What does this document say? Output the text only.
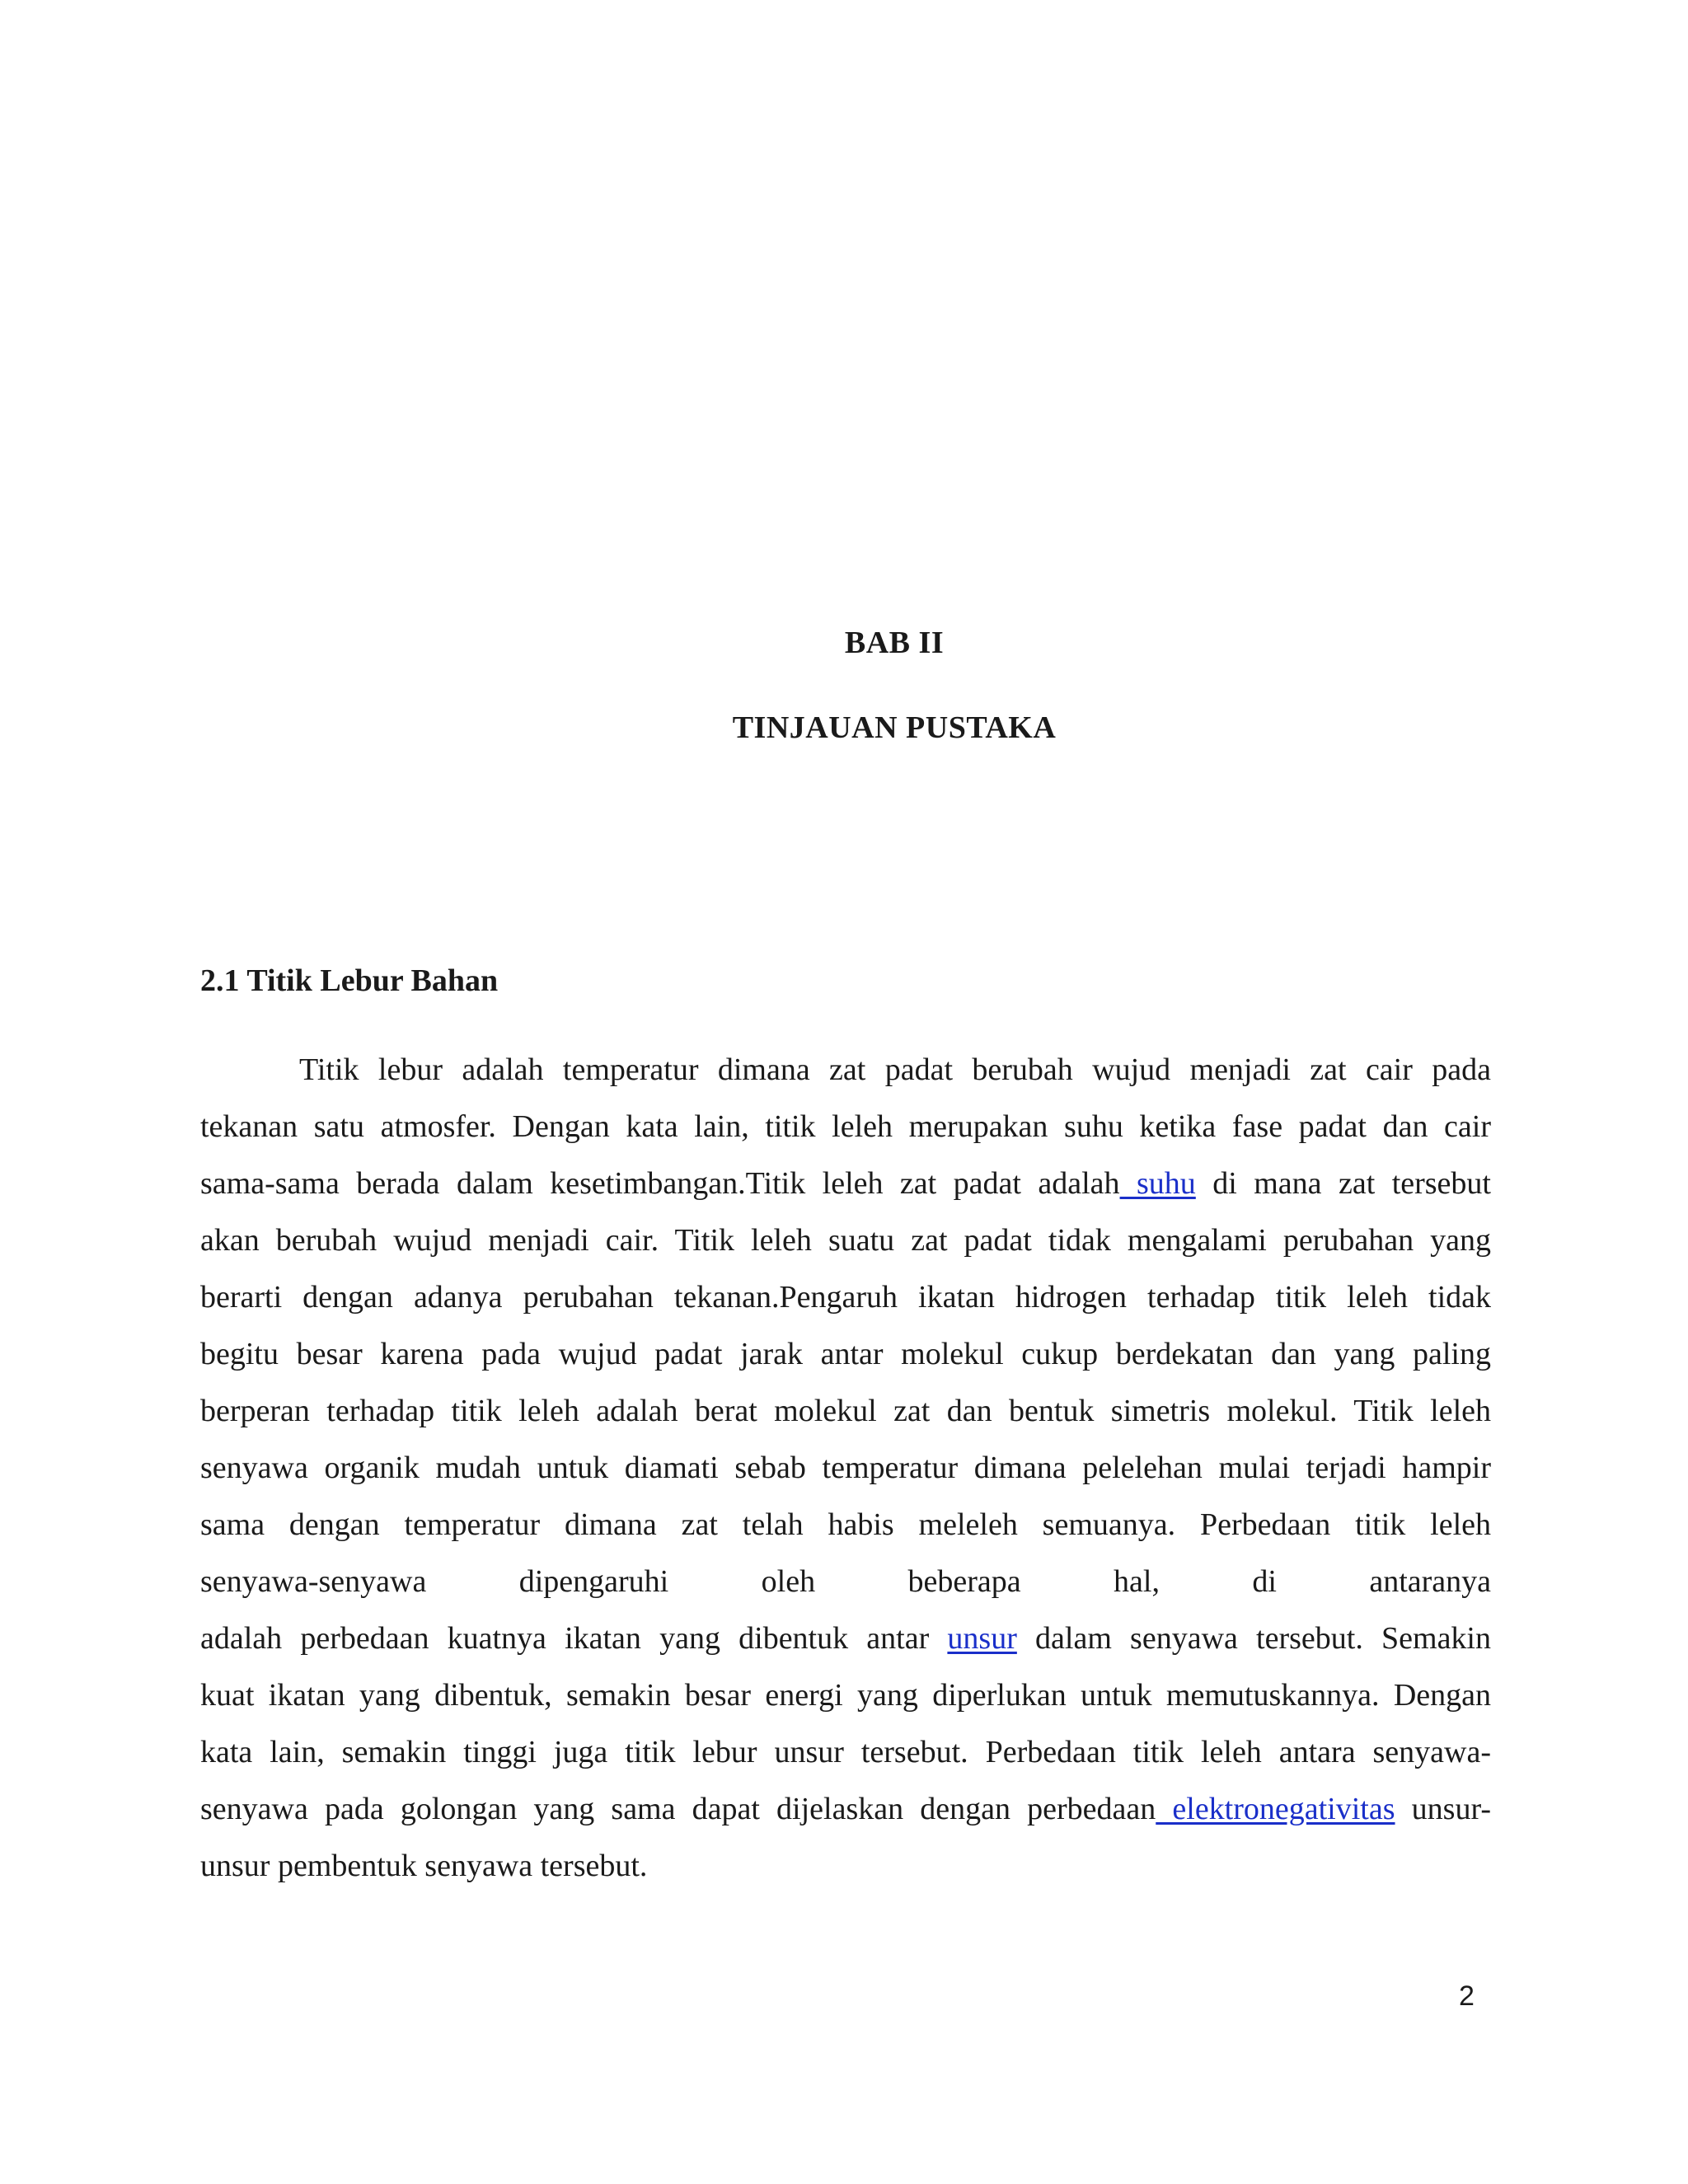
BAB II
TINJAUAN PUSTAKA
2.1 Titik Lebur Bahan
Titik lebur adalah temperatur dimana zat padat berubah wujud menjadi zat cair pada
tekanan satu atmosfer. Dengan kata lain, titik leleh merupakan suhu ketika fase padat dan cair
sama-sama berada dalam kesetimbangan.Titik leleh zat padat adalah suhu di mana zat tersebut
akan berubah wujud menjadi cair. Titik leleh suatu zat padat tidak mengalami perubahan yang
berarti dengan adanya perubahan tekanan.Pengaruh ikatan hidrogen terhadap titik leleh tidak
begitu besar karena pada wujud padat jarak antar molekul cukup berdekatan dan yang paling
berperan terhadap titik leleh adalah berat molekul zat dan bentuk simetris molekul. Titik leleh
senyawa organik mudah untuk diamati sebab temperatur dimana pelelehan mulai terjadi hampir
sama dengan temperatur dimana zat telah habis meleleh semuanya. Perbedaan titik leleh
senyawa-senyawa dipengaruhi oleh beberapa hal, di antaranya
adalah perbedaan kuatnya ikatan yang dibentuk antar unsur dalam senyawa tersebut. Semakin
kuat ikatan yang dibentuk, semakin besar energi yang diperlukan untuk memutuskannya. Dengan
kata lain, semakin tinggi juga titik lebur unsur tersebut. Perbedaan titik leleh antara senyawa-
senyawa pada golongan yang sama dapat dijelaskan dengan perbedaan elektronegativitas unsur-
unsur pembentuk senyawa tersebut.
2
